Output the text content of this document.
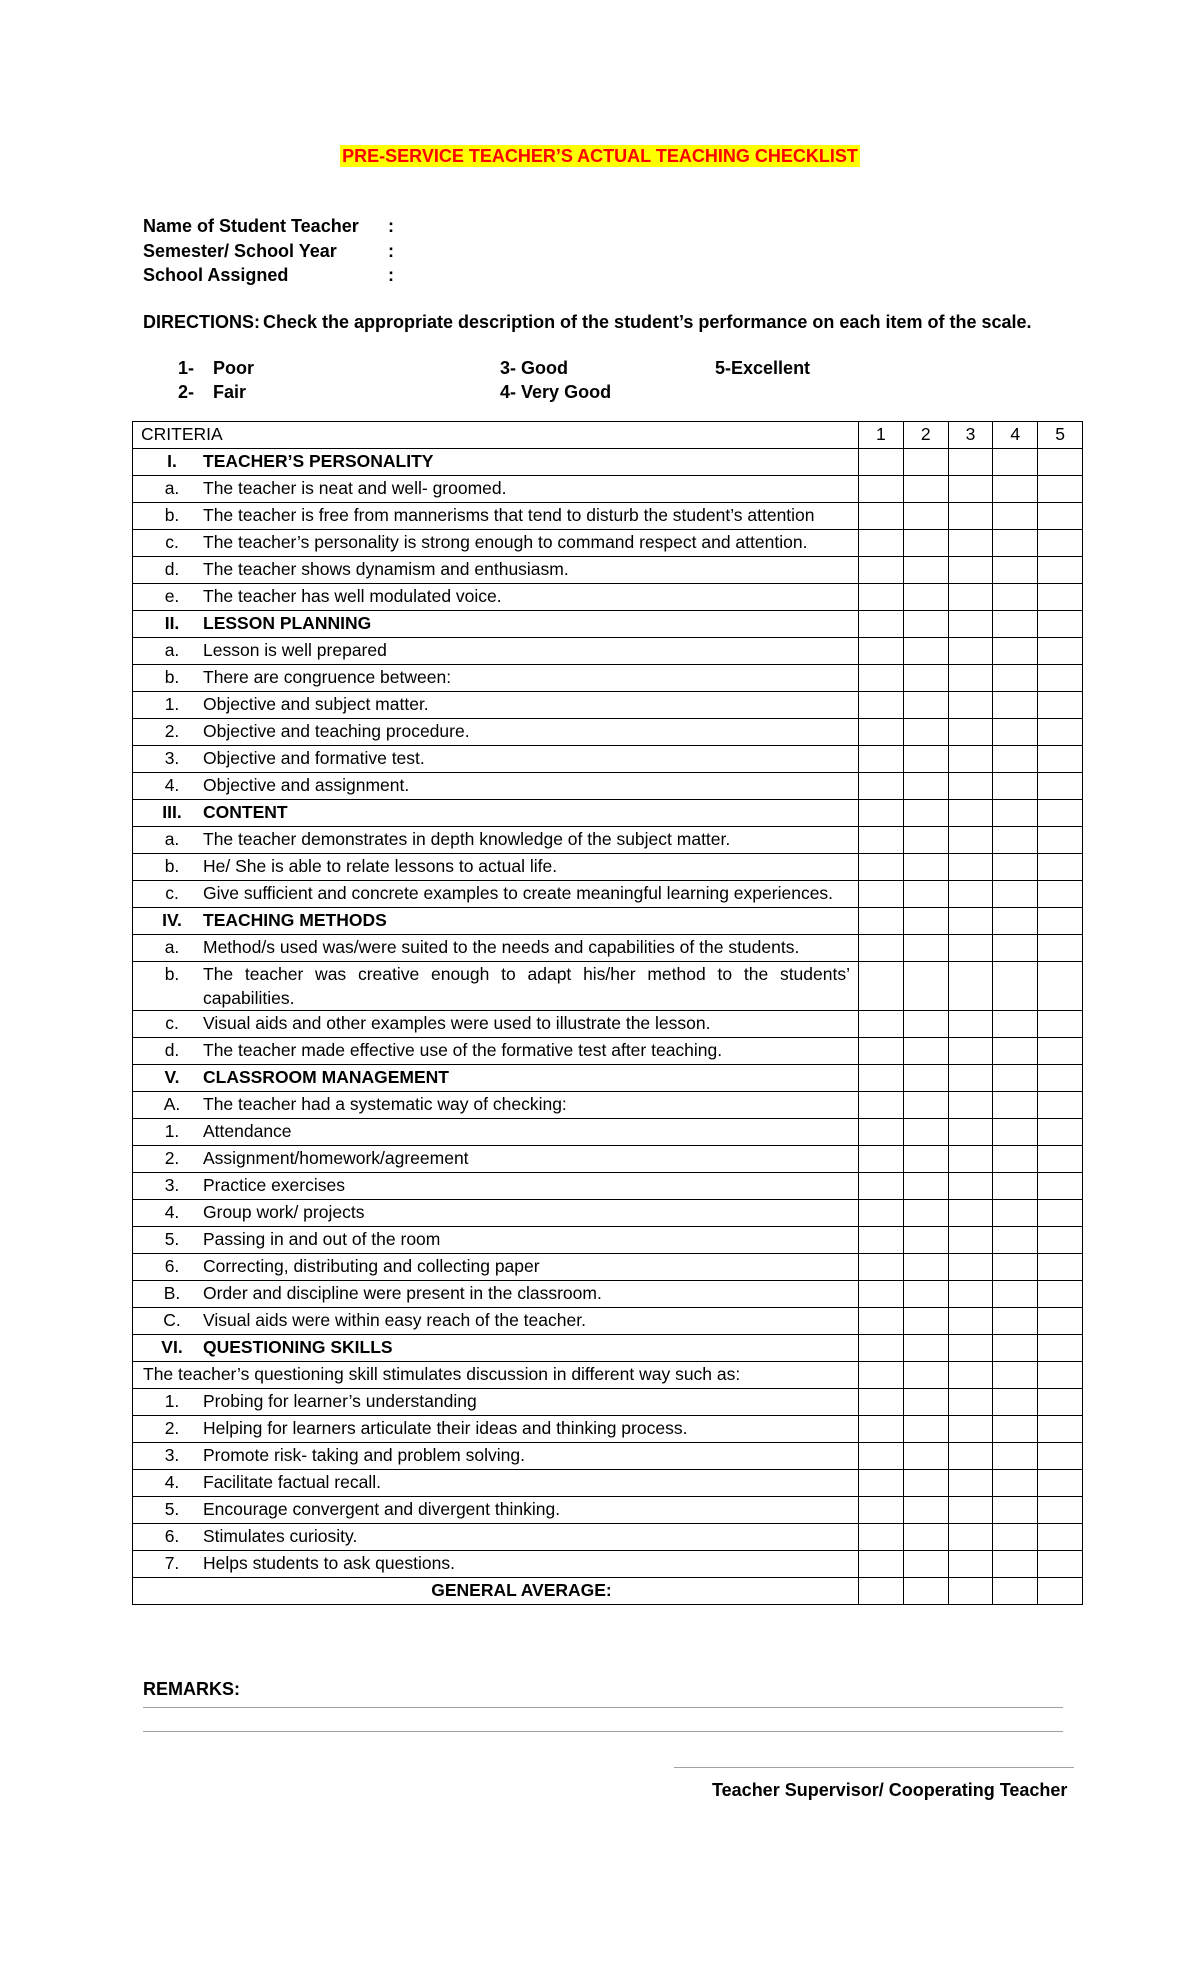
PRE-SERVICE TEACHER’S ACTUAL TEACHING CHECKLIST
Name of Student Teacher	:
Semester/ School Year	:
School Assigned	:
DIRECTIONS: Check the appropriate description of the student’s performance on each item of the scale.
1- Poor
2- Fair
3- Good
4- Very Good
5-Excellent
CRITERIA	1	2	3	4	5

I. TEACHER’S PERSONALITY					

a. The teacher is neat and well- groomed.					

b. The teacher is free from mannerisms that tend to disturb the student’s attention					

c. The teacher’s personality is strong enough to command respect and attention.					

d. The teacher shows dynamism and enthusiasm.					

e. The teacher has well modulated voice.					

II. LESSON PLANNING					

a. Lesson is well prepared					

b. There are congruence between:					

1. Objective and subject matter.					

2. Objective and teaching procedure.					

3. Objective and formative test.					

4. Objective and assignment.					

III. CONTENT					

a. The teacher demonstrates in depth knowledge of the subject matter.					

b. He/ She is able to relate lessons to actual life.					

c. Give sufficient and concrete examples to create meaningful learning experiences.					

IV. TEACHING METHODS					

a. Method/s used was/were suited to the needs and capabilities of the students.					

b. The teacher was creative enough to adapt his/her method to the students’ capabilities.					

c. Visual aids and other examples were used to illustrate the lesson.					

d. The teacher made effective use of the formative test after teaching.					

V. CLASSROOM MANAGEMENT					

A. The teacher had a systematic way of checking:					

1. Attendance					

2. Assignment/homework/agreement					

3. Practice exercises					

4. Group work/ projects					

5. Passing in and out of the room					

6. Correcting, distributing and collecting paper					

B. Order and discipline were present in the classroom.					

C. Visual aids were within easy reach of the teacher.					

VI. QUESTIONING SKILLS					

The teacher’s questioning skill stimulates discussion in different way such as:					

1. Probing for learner’s understanding					

2. Helping for learners articulate their ideas and thinking process.					

3. Promote risk- taking and problem solving.					

4. Facilitate factual recall.					

5. Encourage convergent and divergent thinking.					

6. Stimulates curiosity.					

7. Helps students to ask questions.					

GENERAL AVERAGE:					
REMARKS:
Teacher Supervisor/ Cooperating Teacher
